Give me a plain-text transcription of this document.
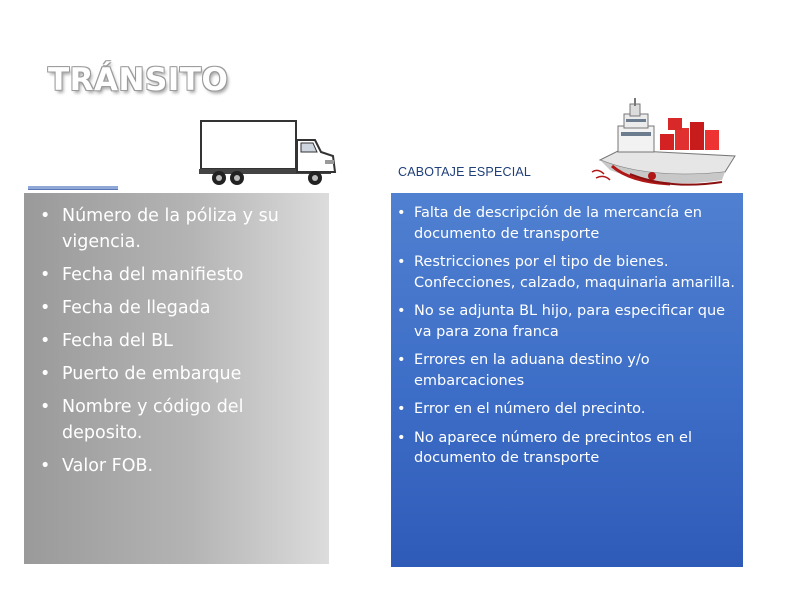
TRÁNSITO
CABOTAJE ESPECIAL
• Número de la póliza y su vigencia.
• Fecha del manifiesto
• Fecha de llegada
• Fecha del BL
• Puerto de embarque
• Nombre y código del deposito.
• Valor FOB.
• Falta de descripción de la mercancía en documento de transporte
• Restricciones por el tipo de bienes. Confecciones, calzado, maquinaria amarilla.
• No se adjunta BL hijo, para especificar que va para zona franca
• Errores en la aduana destino y/o embarcaciones
• Error en el número del precinto.
• No aparece número de precintos en el documento de transporte
